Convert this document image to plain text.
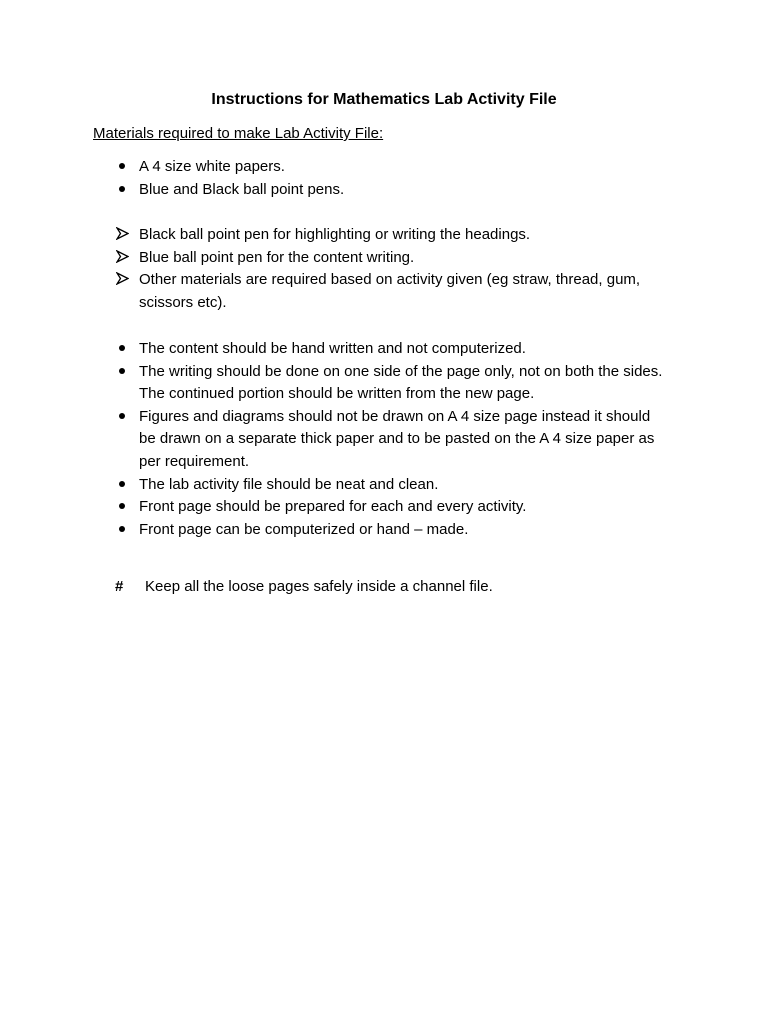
Instructions for Mathematics Lab Activity File

Materials required to make Lab Activity File:

A 4 size white papers.
Blue and Black ball point pens.
Black ball point pen for highlighting or writing the headings.
Blue ball point pen for the content writing.
Other materials are required based on activity given (eg straw, thread, gum, scissors etc).
The content should be hand written and not computerized.
The writing should be done on one side of the page only, not on both the sides. The continued portion should be written from the new page.
Figures and diagrams should not be drawn on A 4 size page instead it should be drawn on a separate thick paper and to be pasted on the A 4 size paper as per requirement.
The lab activity file should be neat and clean.
Front page should be prepared for each and every activity.
Front page can be computerized or hand – made.

# Keep all the loose pages safely inside a channel file.
